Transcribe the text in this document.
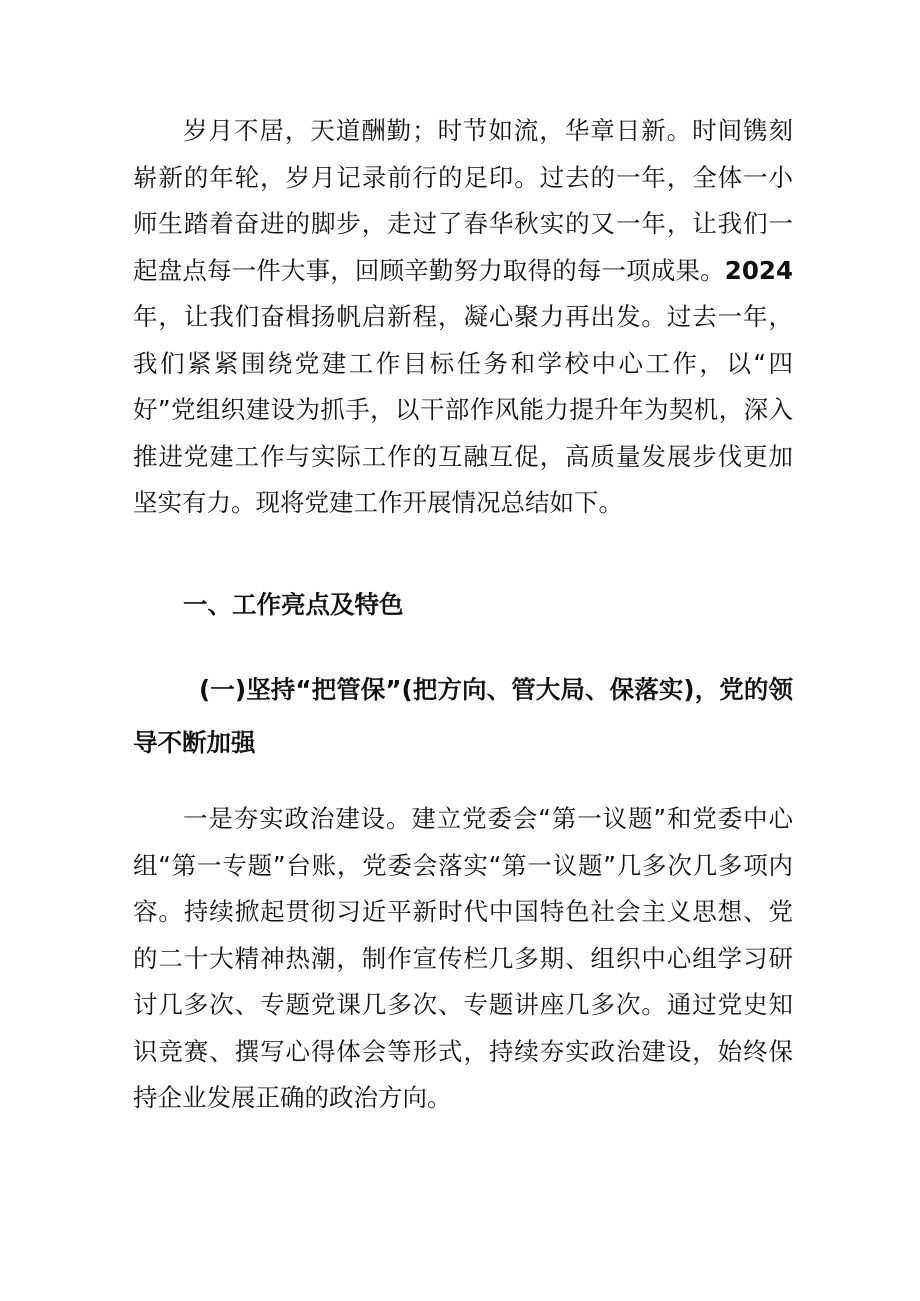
岁月不居，天道酬勤；时节如流，华章日新。时间镌刻崭新的年轮，岁月记录前行的足印。过去的一年，全体一小师生踏着奋进的脚步，走过了春华秋实的又一年，让我们一起盘点每一件大事，回顾辛勤努力取得的每一项成果。2024年，让我们奋楫扬帆启新程，凝心聚力再出发。过去一年，我们紧紧围绕党建工作目标任务和学校中心工作，以“四好”党组织建设为抓手，以干部作风能力提升年为契机，深入推进党建工作与实际工作的互融互促，高质量发展步伐更加坚实有力。现将党建工作开展情况总结如下。

一、工作亮点及特色

(一)坚持“把管保”(把方向、管大局、保落实)，党的领导不断加强

一是夯实政治建设。建立党委会“第一议题”和党委中心组“第一专题”台账，党委会落实“第一议题”几多次几多项内容。持续掀起贯彻习近平新时代中国特色社会主义思想、党的二十大精神热潮，制作宣传栏几多期、组织中心组学习研讨几多次、专题党课几多次、专题讲座几多次。通过党史知识竞赛、撰写心得体会等形式，持续夯实政治建设，始终保持企业发展正确的政治方向。
